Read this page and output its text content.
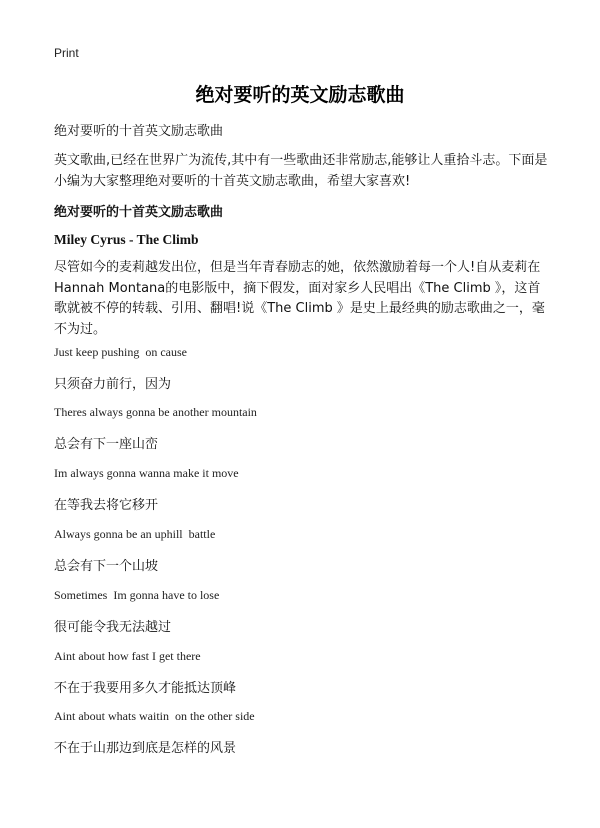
Print
绝对要听的英文励志歌曲

绝对要听的十首英文励志歌曲

英文歌曲,已经在世界广为流传,其中有一些歌曲还非常励志,能够让人重拾斗志。下面是小编为大家整理绝对要听的十首英文励志歌曲，希望大家喜欢!

绝对要听的十首英文励志歌曲

Miley Cyrus - The Climb

尽管如今的麦莉越发出位，但是当年青春励志的她，依然激励着每一个人!自从麦莉在Hannah Montana的电影版中，摘下假发，面对家乡人民唱出《The Climb 》，这首歌就被不停的转载、引用、翻唱!说《The Climb 》是史上最经典的励志歌曲之一，毫不为过。

Just keep pushing  on cause

只须奋力前行，因为

Theres always gonna be another mountain

总会有下一座山峦

Im always gonna wanna make it move

在等我去将它移开

Always gonna be an uphill  battle

总会有下一个山坡

Sometimes  Im gonna have to lose

很可能令我无法越过

Aint about how fast I get there

不在于我要用多久才能抵达顶峰

Aint about whats waitin  on the other side

不在于山那边到底是怎样的风景
